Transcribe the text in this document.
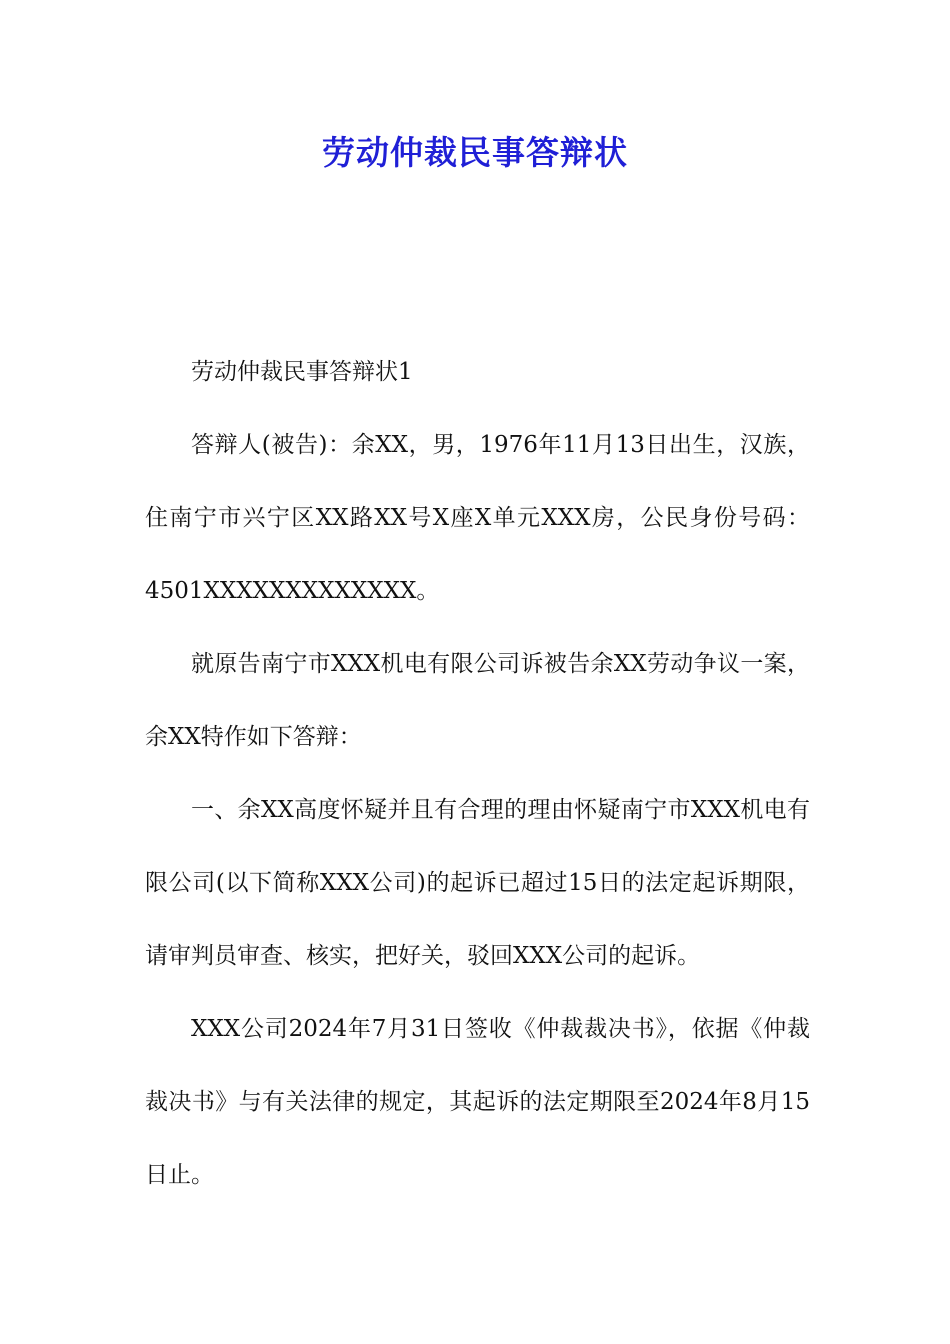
劳动仲裁民事答辩状

劳动仲裁民事答辩状1

答辩人(被告)：余XX，男，1976年11月13日出生，汉族，住南宁市兴宁区XX路XX号X座X单元XXX房，公民身份号码：4501XXXXXXXXXXXXX。

就原告南宁市XXX机电有限公司诉被告余XX劳动争议一案，余XX特作如下答辩：

一、余XX高度怀疑并且有合理的理由怀疑南宁市XXX机电有限公司(以下简称XXX公司)的起诉已超过15日的法定起诉期限，请审判员审查、核实，把好关，驳回XXX公司的起诉。

XXX公司2024年7月31日签收《仲裁裁决书》，依据《仲裁裁决书》与有关法律的规定，其起诉的法定期限至2024年8月15日止。
